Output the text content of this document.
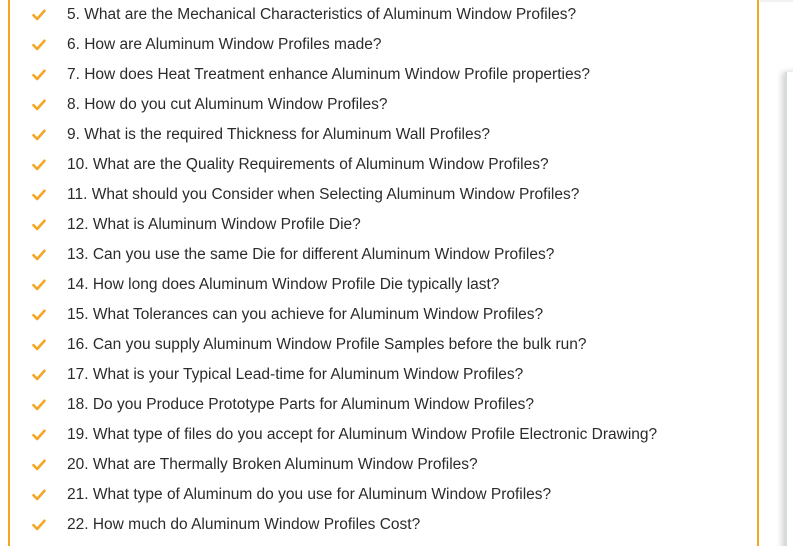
5. What are the Mechanical Characteristics of Aluminum Window Profiles?
6. How are Aluminum Window Profiles made?
7. How does Heat Treatment enhance Aluminum Window Profile properties?
8. How do you cut Aluminum Window Profiles?
9. What is the required Thickness for Aluminum Wall Profiles?
10. What are the Quality Requirements of Aluminum Window Profiles?
11. What should you Consider when Selecting Aluminum Window Profiles?
12. What is Aluminum Window Profile Die?
13. Can you use the same Die for different Aluminum Window Profiles?
14. How long does Aluminum Window Profile Die typically last?
15. What Tolerances can you achieve for Aluminum Window Profiles?
16. Can you supply Aluminum Window Profile Samples before the bulk run?
17. What is your Typical Lead-time for Aluminum Window Profiles?
18. Do you Produce Prototype Parts for Aluminum Window Profiles?
19. What type of files do you accept for Aluminum Window Profile Electronic Drawing?
20. What are Thermally Broken Aluminum Window Profiles?
21. What type of Aluminum do you use for Aluminum Window Profiles?
22. How much do Aluminum Window Profiles Cost?
